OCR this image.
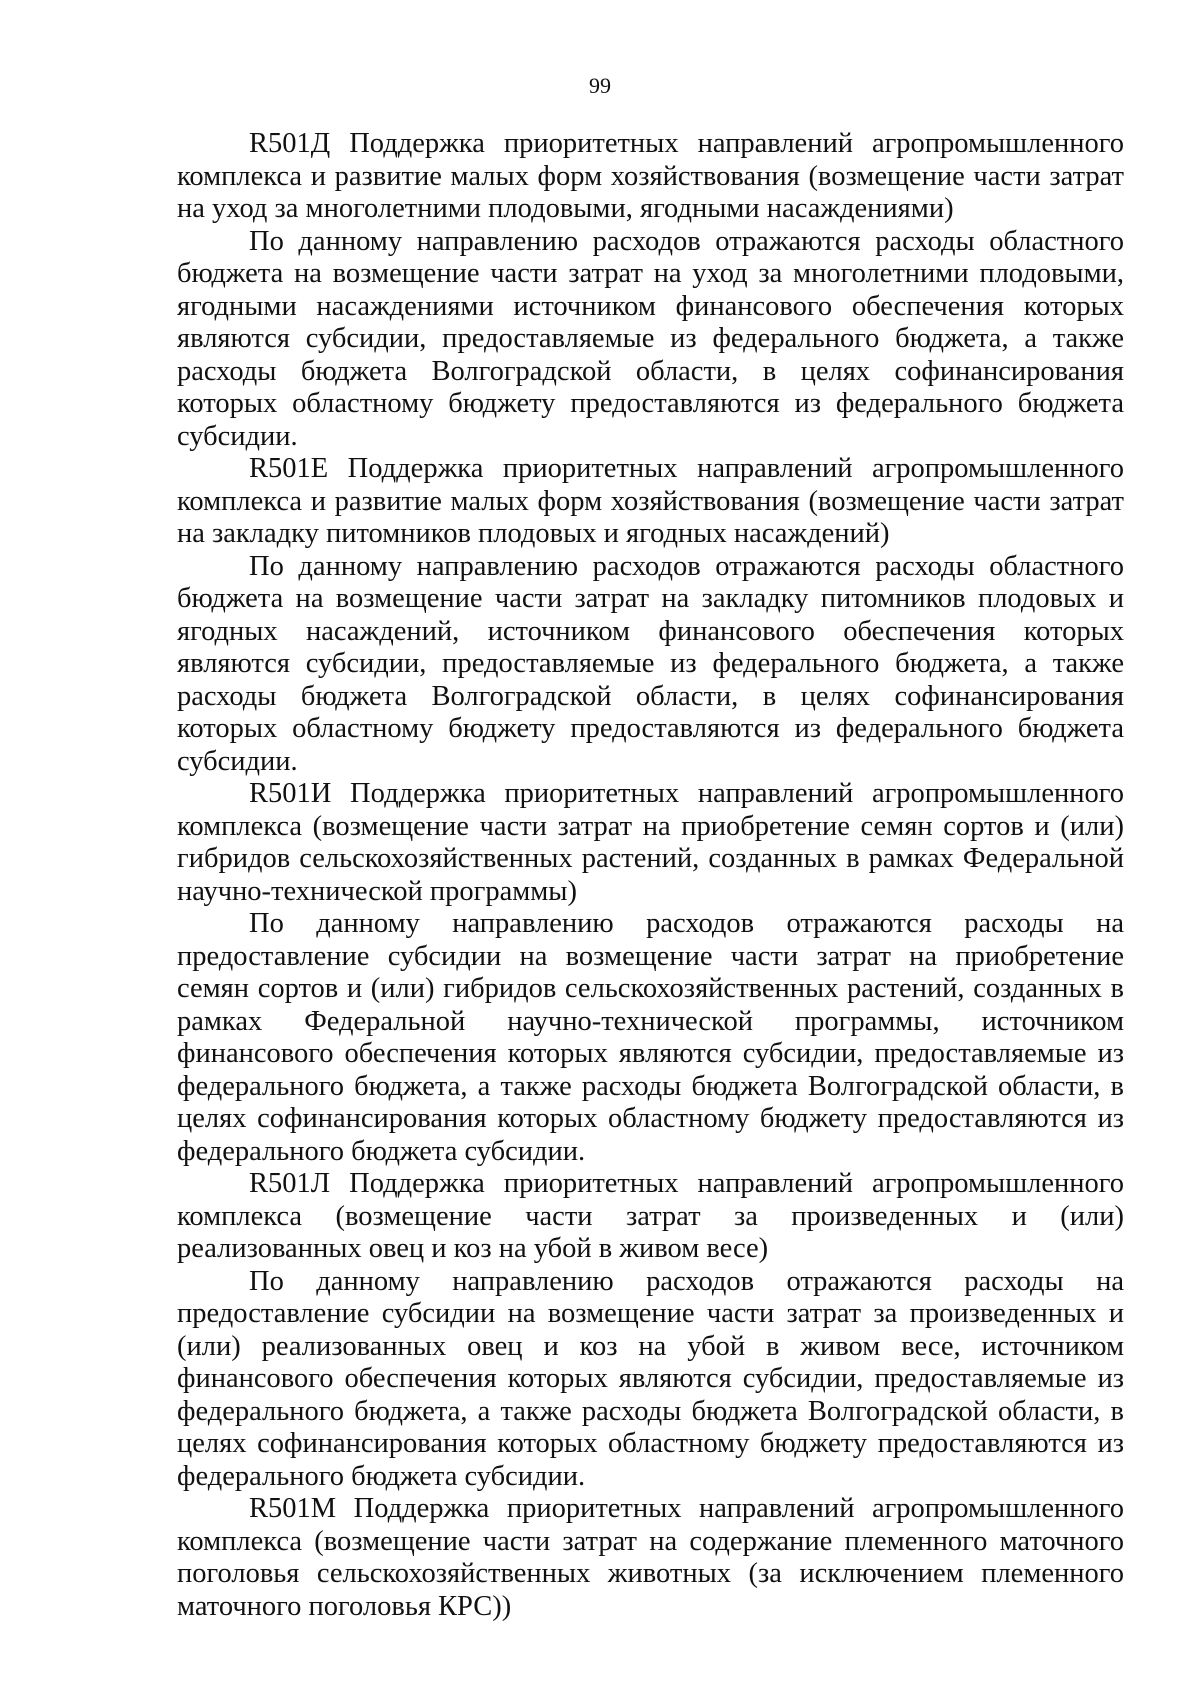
99

R501Д Поддержка приоритетных направлений агропромышленного комплекса и развитие малых форм хозяйствования (возмещение части затрат на уход за многолетними плодовыми, ягодными насаждениями)

По данному направлению расходов отражаются расходы областного бюджета на возмещение части затрат на уход за многолетними плодовыми, ягодными насаждениями источником финансового обеспечения которых являются субсидии, предоставляемые из федерального бюджета, а также расходы бюджета Волгоградской области, в целях софинансирования которых областному бюджету предоставляются из федерального бюджета субсидии.

R501Е Поддержка приоритетных направлений агропромышленного комплекса и развитие малых форм хозяйствования (возмещение части затрат на закладку питомников плодовых и ягодных насаждений)

По данному направлению расходов отражаются расходы областного бюджета на возмещение части затрат на закладку питомников плодовых и ягодных насаждений, источником финансового обеспечения которых являются субсидии, предоставляемые из федерального бюджета, а также расходы бюджета Волгоградской области, в целях софинансирования которых областному бюджету предоставляются из федерального бюджета субсидии.

R501И Поддержка приоритетных направлений агропромышленного комплекса (возмещение части затрат на приобретение семян сортов и (или) гибридов сельскохозяйственных растений, созданных в рамках Федеральной научно-технической программы)

По данному направлению расходов отражаются расходы на предоставление субсидии на возмещение части затрат на приобретение семян сортов и (или) гибридов сельскохозяйственных растений, созданных в рамках Федеральной научно-технической программы, источником финансового обеспечения которых являются субсидии, предоставляемые из федерального бюджета, а также расходы бюджета Волгоградской области, в целях софинансирования которых областному бюджету предоставляются из федерального бюджета субсидии.

R501Л Поддержка приоритетных направлений агропромышленного комплекса (возмещение части затрат за произведенных и (или) реализованных овец и коз на убой в живом весе)

По данному направлению расходов отражаются расходы на предоставление субсидии на возмещение части затрат за произведенных и (или) реализованных овец и коз на убой в живом весе, источником финансового обеспечения которых являются субсидии, предоставляемые из федерального бюджета, а также расходы бюджета Волгоградской области, в целях софинансирования которых областному бюджету предоставляются из федерального бюджета субсидии.

R501М Поддержка приоритетных направлений агропромышленного комплекса (возмещение части затрат на содержание племенного маточного поголовья сельскохозяйственных животных (за исключением племенного маточного поголовья КРС))
